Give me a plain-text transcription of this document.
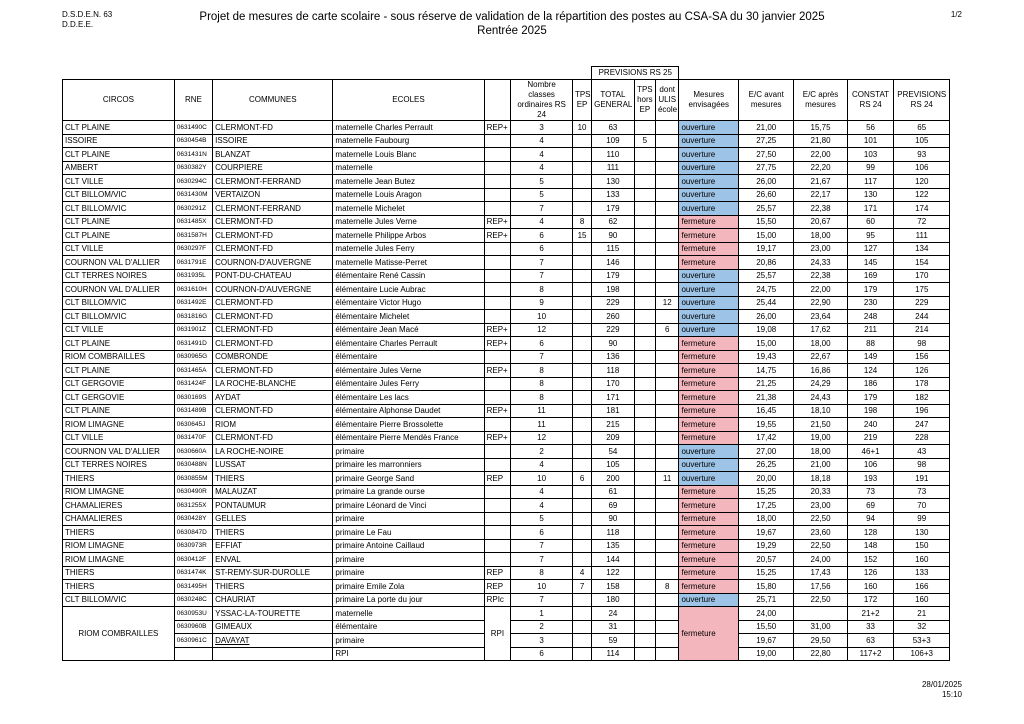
D.S.D.E.N. 63
D.D.E.E.
Projet de mesures de carte scolaire - sous réserve de validation de la répartition des postes au CSA-SA du 30 janvier 2025
Rentrée 2025
1/2
							PREVISIONS RS 25							
CIRCOS	RNE	COMMUNES	ECOLES		Nombre classes ordinaires RS 24	TPS EP	TOTAL GENERAL	TPS hors EP	dont ULIS école	Mesures envisagées	E/C avant mesures	E/C après mesures	CONSTAT RS 24	PREVISIONS RS 24
CLT PLAINE	0631490C	CLERMONT-FD	maternelle Charles Perrault	REP+	3	10	63			ouverture	21,00	15,75	56	65
ISSOIRE	0630454B	ISSOIRE	maternelle Faubourg		4		109	5		ouverture	27,25	21,80	101	105
CLT PLAINE	0631431N	BLANZAT	maternelle Louis Blanc		4		110			ouverture	27,50	22,00	103	93
AMBERT	0630382Y	COURPIERE	maternelle		4		111			ouverture	27,75	22,20	99	106
CLT VILLE	0630294C	CLERMONT-FERRAND	maternelle Jean Butez		5		130			ouverture	26,00	21,67	117	120
CLT BILLOM/VIC	0631430M	VERTAIZON	maternelle Louis Aragon		5		133			ouverture	26,60	22,17	130	122
CLT BILLOM/VIC	0630291Z	CLERMONT-FERRAND	maternelle Michelet		7		179			ouverture	25,57	22,38	171	174
CLT PLAINE	0631485X	CLERMONT-FD	maternelle Jules Verne	REP+	4	8	62			fermeture	15,50	20,67	60	72
CLT PLAINE	0631587H	CLERMONT-FD	maternelle Philippe Arbos	REP+	6	15	90			fermeture	15,00	18,00	95	111
CLT VILLE	0630297F	CLERMONT-FD	maternelle Jules Ferry		6		115			fermeture	19,17	23,00	127	134
COURNON VAL D'ALLIER	0631791E	COURNON-D'AUVERGNE	maternelle Matisse-Perret		7		146			fermeture	20,86	24,33	145	154
CLT TERRES NOIRES	0631935L	PONT-DU-CHATEAU	élémentaire René Cassin		7		179			ouverture	25,57	22,38	169	170
COURNON VAL D'ALLIER	0631610H	COURNON-D'AUVERGNE	élémentaire Lucie Aubrac		8		198			ouverture	24,75	22,00	179	175
CLT BILLOM/VIC	0631492E	CLERMONT-FD	élémentaire Victor Hugo		9		229		12	ouverture	25,44	22,90	230	229
CLT BILLOM/VIC	0631816G	CLERMONT-FD	élémentaire Michelet		10		260			ouverture	26,00	23,64	248	244
CLT VILLE	0631901Z	CLERMONT-FD	élémentaire Jean Macé	REP+	12		229		6	ouverture	19,08	17,62	211	214
CLT PLAINE	0631491D	CLERMONT-FD	élémentaire Charles Perrault	REP+	6		90			fermeture	15,00	18,00	88	98
RIOM COMBRAILLES	0630965G	COMBRONDE	élémentaire		7		136			fermeture	19,43	22,67	149	156
CLT PLAINE	0631465A	CLERMONT-FD	élémentaire Jules Verne	REP+	8		118			fermeture	14,75	16,86	124	126
CLT GERGOVIE	0631424F	LA ROCHE-BLANCHE	élémentaire Jules Ferry		8		170			fermeture	21,25	24,29	186	178
CLT GERGOVIE	0630169S	AYDAT	élémentaire Les lacs		8		171			fermeture	21,38	24,43	179	182
CLT PLAINE	0631489B	CLERMONT-FD	élémentaire Alphonse Daudet	REP+	11		181			fermeture	16,45	18,10	198	196
RIOM LIMAGNE	0630645J	RIOM	élémentaire Pierre Brossolette		11		215			fermeture	19,55	21,50	240	247
CLT VILLE	0631470F	CLERMONT-FD	élémentaire Pierre Mendès France	REP+	12		209			fermeture	17,42	19,00	219	228
COURNON VAL D'ALLIER	0630660A	LA ROCHE-NOIRE	primaire		2		54			ouverture	27,00	18,00	46+1	43
CLT TERRES NOIRES	0630488N	LUSSAT	primaire les marronniers		4		105			ouverture	26,25	21,00	106	98
THIERS	0630855M	THIERS	primaire George Sand	REP	10	6	200		11	ouverture	20,00	18,18	193	191
RIOM LIMAGNE	0630490R	MALAUZAT	primaire La grande ourse		4		61			fermeture	15,25	20,33	73	73
CHAMALIERES	0631255X	PONTAUMUR	primaire Léonard de Vinci		4		69			fermeture	17,25	23,00	69	70
CHAMALIERES	0630428Y	GELLES	primaire		5		90			fermeture	18,00	22,50	94	99
THIERS	0630847D	THIERS	primaire Le Fau		6		118			fermeture	19,67	23,60	128	130
RIOM LIMAGNE	0630973R	EFFIAT	primaire Antoine Caillaud		7		135			fermeture	19,29	22,50	148	150
RIOM LIMAGNE	0630412F	ENVAL	primaire		7		144			fermeture	20,57	24,00	152	160
THIERS	0631474K	ST-REMY-SUR-DUROLLE	primaire	REP	8	4	122			fermeture	15,25	17,43	126	133
THIERS	0631495H	THIERS	primaire Emile Zola	REP	10	7	158		8	fermeture	15,80	17,56	160	166
CLT BILLOM/VIC	0630248C	CHAURIAT	primaire La porte du jour	RPIc	7		180			ouverture	25,71	22,50	172	160
RIOM COMBRAILLES	0630953U	YSSAC-LA-TOURETTE	maternelle	RPI	1		24			fermeture	24,00		21+2	21
	0630960B	GIMEAUX	élémentaire		2		31				15,50	31,00	33	32
	0630961C	DAVAYAT	primaire		3		59				19,67	29,50	63	53+3
			RPI		6		114				19,00	22,80	117+2	106+3
28/01/2025
15:10
